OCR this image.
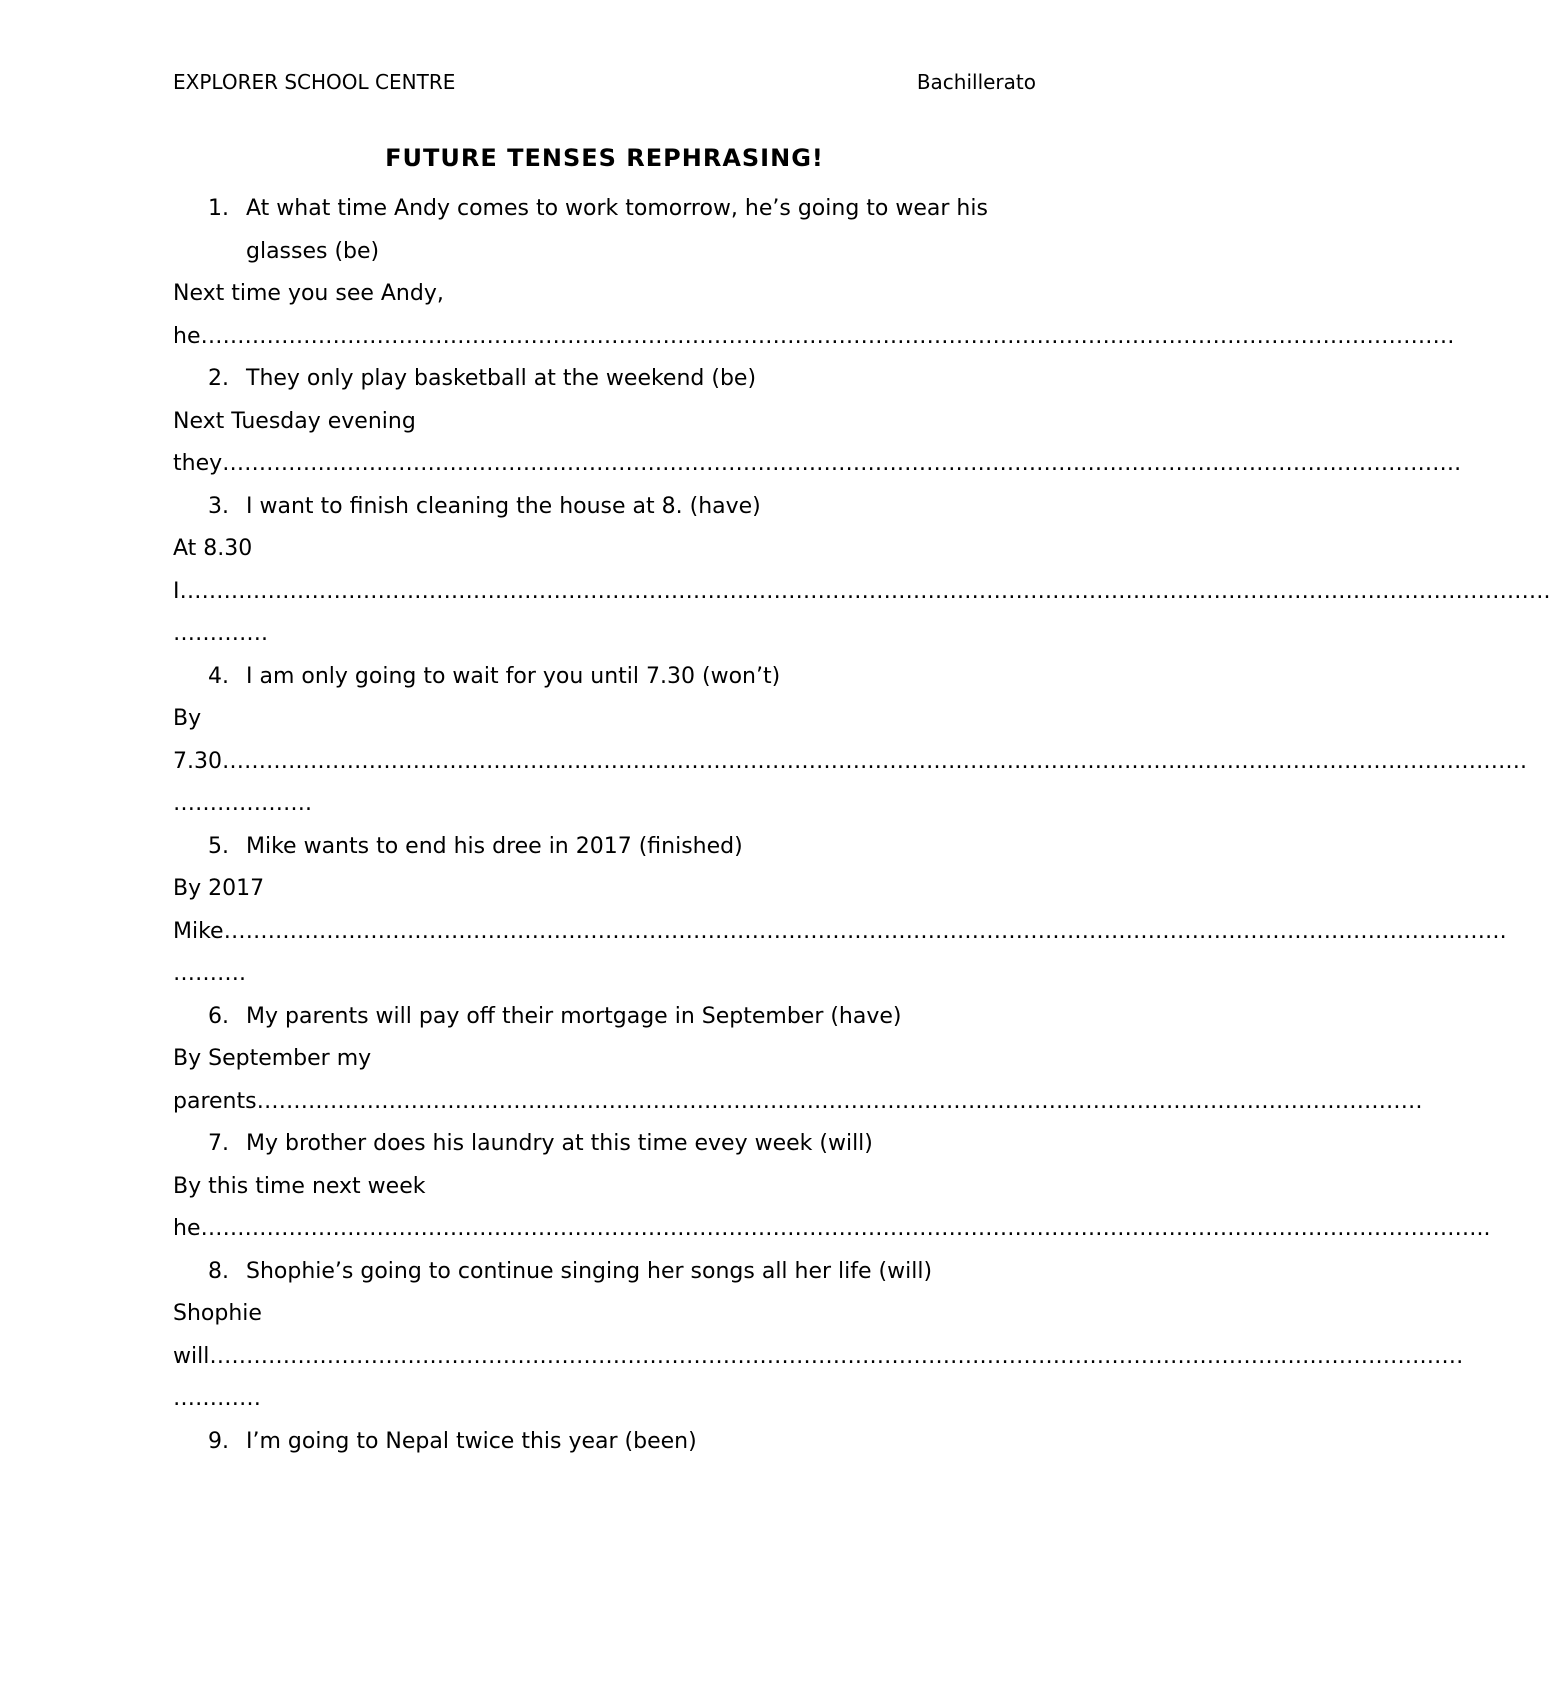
EXPLORER SCHOOL CENTRE	Bachillerato
FUTURE TENSES REPHRASING!
1. At what time Andy comes to work tomorrow, he’s going to wear his glasses (be)
Next time you see Andy,
he………………………………………………………………………………………………………………………………………………………
2. They only play basketball at the weekend (be)
Next Tuesday evening
they…………………………………………………………………………………………………………………………………………………….
3. I want to finish cleaning the house at 8. (have)
At 8.30
I…………………………………………………………………………………………………………………………………………………………………….
………….
4. I am only going to wait for you until 7.30 (won’t)
By
7.30…………………………………………………………………………………………………………………………………………………………….
……………….
5. Mike wants to end his dree in 2017 (finished)
By 2017
Mike………………………………………………………………………………………………………………………………………………………….
……….
6. My parents will pay off their mortgage in September (have)
By September my
parents……………………………………………………………………………………………………………………………………………
7. My brother does his laundry at this time evey week (will)
By this time next week
he…………………………………………………………………………………………………………………………………………………………..
8. Shophie’s going to continue singing her songs all her life (will)
Shophie
will………………………………………………………………………………………………………………………………………………………
…………
9. I’m going to Nepal twice this year (been)
